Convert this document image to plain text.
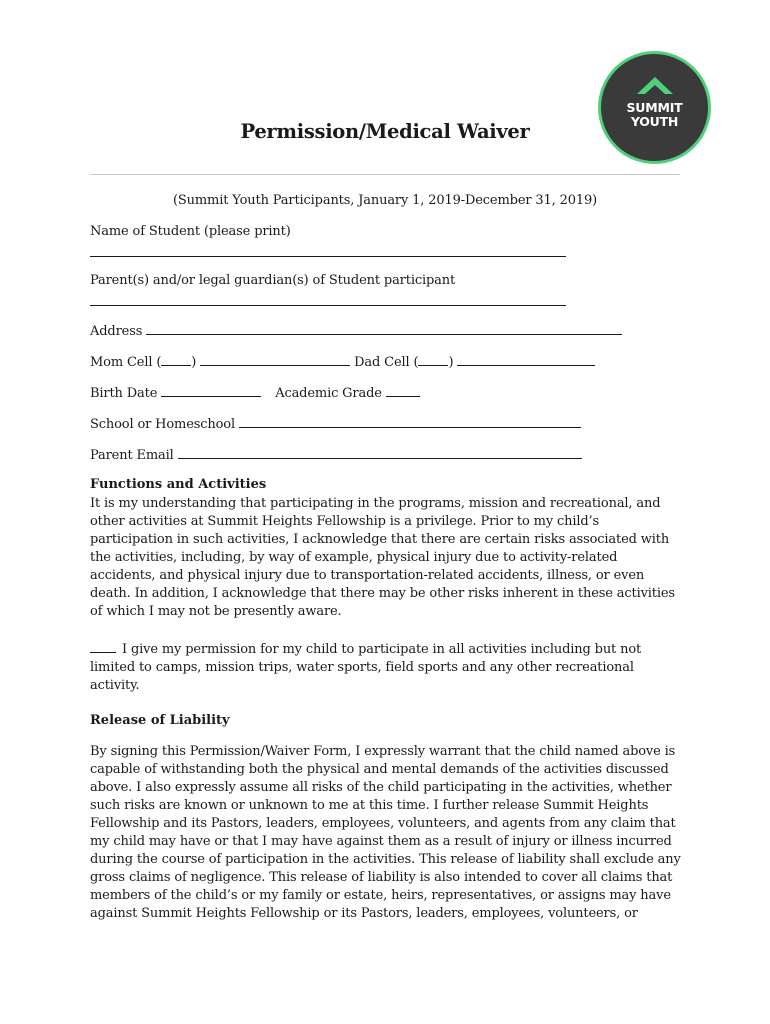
SUMMIT
YOUTH
Permission/Medical Waiver
(Summit Youth Participants, January 1, 2019-December 31, 2019)
Name of Student (please print)
Parent(s) and/or legal guardian(s) of Student participant
Address
Mom Cell ( )	Dad Cell ( )
Birth Date	Academic Grade
School or Homeschool
Parent Email
Functions and Activities

It is my understanding that participating in the programs, mission and recreational, and

other activities at Summit Heights Fellowship is a privilege. Prior to my child’s

participation in such activities, I acknowledge that there are certain risks associated with

the activities, including, by way of example, physical injury due to activity-related

accidents, and physical injury due to transportation-related accidents, illness, or even

death. In addition, I acknowledge that there may be other risks inherent in these activities

of which I may not be presently aware.

I give my permission for my child to participate in all activities including but not

limited to camps, mission trips, water sports, field sports and any other recreational

activity.

Release of Liability

By signing this Permission/Waiver Form, I expressly warrant that the child named above is

capable of withstanding both the physical and mental demands of the activities discussed

above. I also expressly assume all risks of the child participating in the activities, whether

such risks are known or unknown to me at this time. I further release Summit Heights

Fellowship and its Pastors, leaders, employees, volunteers, and agents from any claim that

my child may have or that I may have against them as a result of injury or illness incurred

during the course of participation in the activities. This release of liability shall exclude any

gross claims of negligence. This release of liability is also intended to cover all claims that

members of the child’s or my family or estate, heirs, representatives, or assigns may have

against Summit Heights Fellowship or its Pastors, leaders, employees, volunteers, or
